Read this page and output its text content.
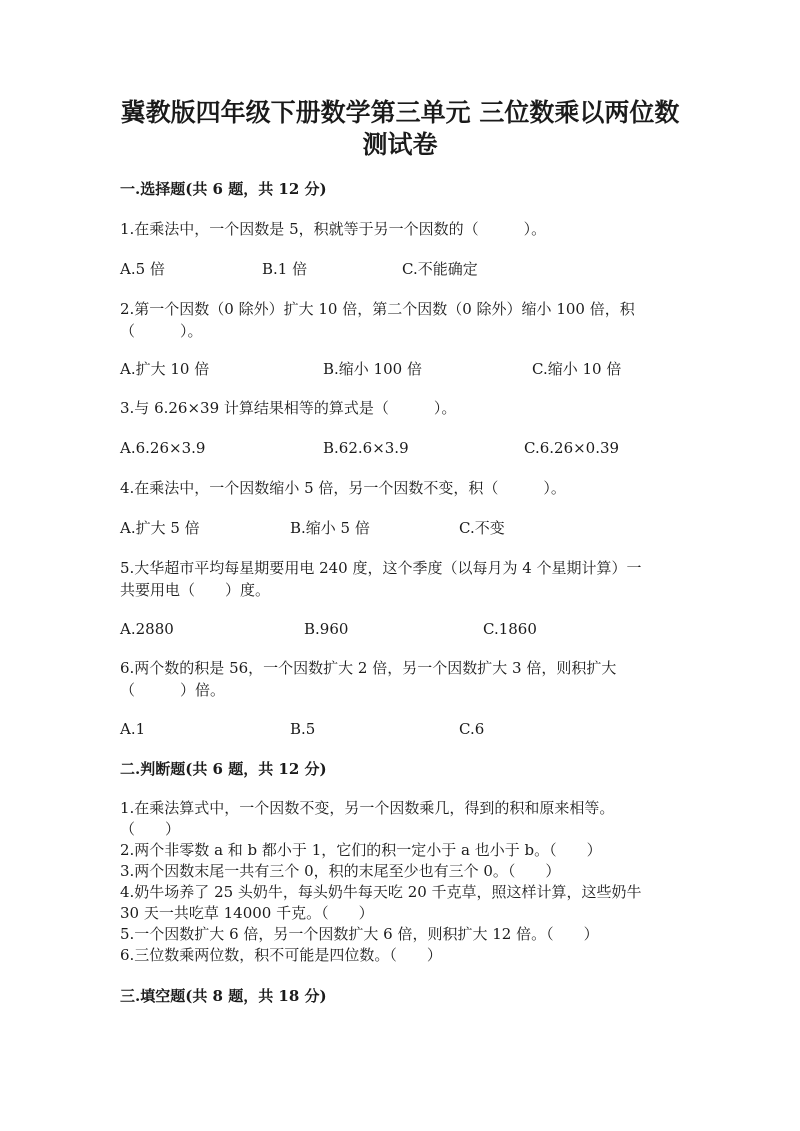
冀教版四年级下册数学第三单元 三位数乘以两位数
测试卷
一.选择题(共 6 题，共 12 分)
1.在乘法中，一个因数是 5，积就等于另一个因数的（　　　）。
A.5 倍	B.1 倍	C.不能确定
2.第一个因数（0 除外）扩大 10 倍，第二个因数（0 除外）缩小 100 倍，积
（　　　）。
A.扩大 10 倍	B.缩小 100 倍	C.缩小 10 倍
3.与 6.26×39 计算结果相等的算式是（　　　）。
A.6.26×3.9	B.62.6×3.9	C.6.26×0.39
4.在乘法中，一个因数缩小 5 倍，另一个因数不变，积（　　　）。
A.扩大 5 倍	B.缩小 5 倍	C.不变
5.大华超市平均每星期要用电 240 度，这个季度（以每月为 4 个星期计算）一
共要用电（　　）度。
A.2880	B.960	C.1860
6.两个数的积是 56，一个因数扩大 2 倍，另一个因数扩大 3 倍，则积扩大
（　　　）倍。
A.1	B.5	C.6
二.判断题(共 6 题，共 12 分)
1.在乘法算式中，一个因数不变，另一个因数乘几，得到的积和原来相等。
（　　）
2.两个非零数 a 和 b 都小于 1，它们的积一定小于 a 也小于 b。（　　）
3.两个因数末尾一共有三个 0，积的末尾至少也有三个 0。（　　）
4.奶牛场养了 25 头奶牛，每头奶牛每天吃 20 千克草，照这样计算，这些奶牛
30 天一共吃草 14000 千克。（　　）
5.一个因数扩大 6 倍，另一个因数扩大 6 倍，则积扩大 12 倍。（　　）
6.三位数乘两位数，积不可能是四位数。（　　）
三.填空题(共 8 题，共 18 分)
